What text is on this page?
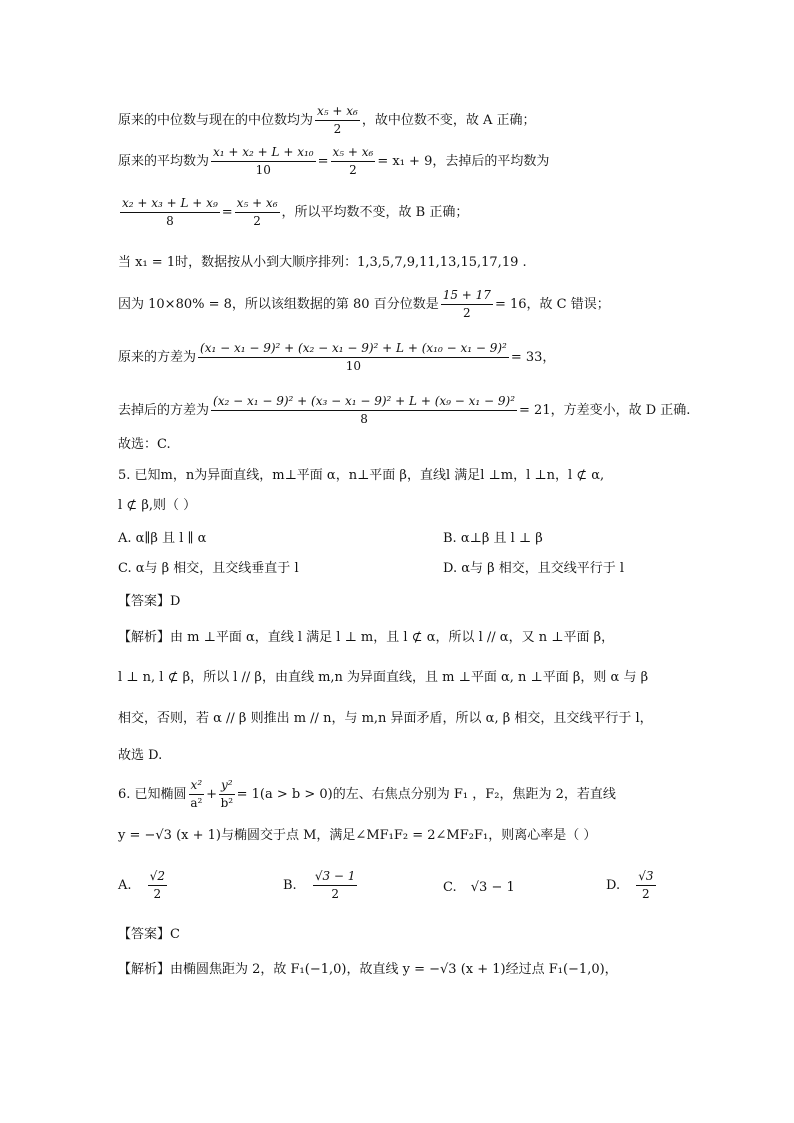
原来的中位数与现在的中位数均为 $\frac{\text{x₅ + x₆}}{2}$ ，故中位数不变，故 A 正确；
原来的平均数为 $\frac{\text{x₁ + x₂ + L + x₁₀}}{10} = \frac{\text{x₅ + x₆}}{2} = x_1 + 9$，去掉后的平均数为
$\frac{\text{x₂ + x₃ + L + x₉}}{8} = \frac{\text{x₅ + x₆}}{2}$ ，所以平均数不变，故 B 正确；
当 x₁ = 1时，数据按从小到大顺序排列：1,3,5,7,9,11,13,15,17,19 .
因为 10×80% = 8，所以该组数据的第 80 百分位数是 $\frac{15 + 17}{2} = 16$，故 C 错误；
原来的方差为 $\frac{\text{(x₁ − x₁ − 9)² + (x₂ − x₁ − 9)² + L + (x₁₀ − x₁ − 9)²}}{10} = 33$，
去掉后的方差为 $\frac{\text{(x₂ − x₁ − 9)² + (x₃ − x₁ − 9)² + L + (x₉ − x₁ − 9)²}}{8} = 21$，方差变小，故 D 正确.
故选：C.
5. 已知m，n为异面直线，m⊥平面 α，n⊥平面 β，直线l 满足l ⊥m，l ⊥n，l ⊄ α,
l ⊄ β,则（ ）
A. α∥β 且 l ∥ α	B. α⊥β 且 l ⊥ β
C. α与 β 相交，且交线垂直于 l	D. α与 β 相交，且交线平行于 l
【答案】D
【解析】由 m ⊥平面 α，直线 l 满足 l ⊥ m，且 l ⊄ α，所以 l // α，又 n ⊥平面 β，
l ⊥ n, l ⊄ β，所以 l // β，由直线 m,n 为异面直线，且 m ⊥平面 α, n ⊥平面 β，则 α 与 β
相交，否则，若 α // β 则推出 m // n，与 m,n 异面矛盾，所以 α, β 相交，且交线平行于 l，
故选 D.
6. 已知椭圆 $\frac{\text{x²}}{\text{a²}} + \frac{\text{y²}}{\text{b²}} = 1(a > b > 0)$的左、右焦点分别为 F₁ ，F₂，焦距为 2，若直线
y = −√3 (x + 1)与椭圆交于点 M，满足∠MF₁F₂ = 2∠MF₂F₁，则离心率是（ ）
A. $\frac{√2}{2}$	B. $\frac{√3 - 1}{2}$	C. √3 − 1	D. $\frac{√3}{2}$
【答案】C
【解析】由椭圆焦距为 2，故 F₁(−1,0)，故直线 y = −√3 (x + 1)经过点 F₁(−1,0)，
